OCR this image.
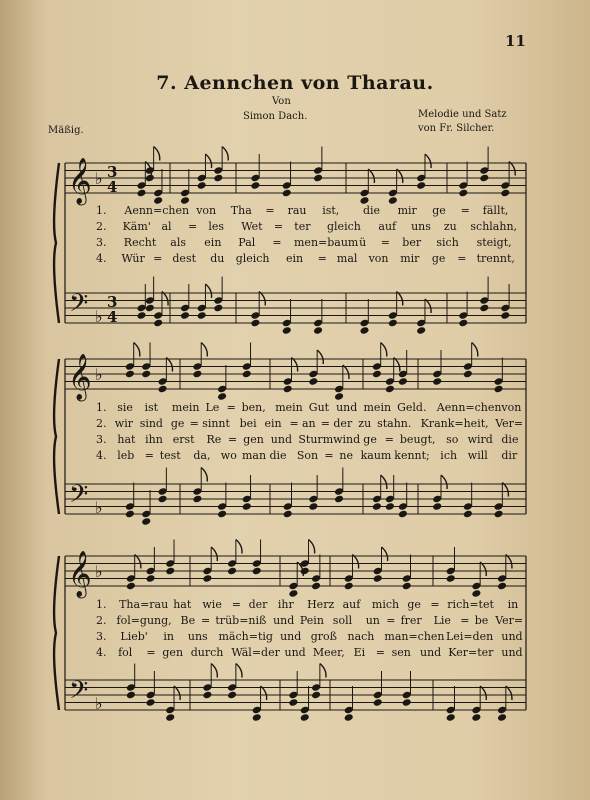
11
7. Aennchen von Tharau.
Von
Simon Dach.	Melodie und Satz
von Fr. Silcher.
Mäßig.
𝄞
𝄢
♭
♭
3
4
3
4
𝄞
𝄢
♭
♭
𝄞
𝄢
♭
♭
1. Aenn=chen von Tha = rau ist, die mir ge = fällt,
2. Käm' al = les Wet = ter gleich auf uns zu schlahn,
3. Recht als ein Pal = men=baum ü = ber sich steigt,
4. Wür = dest du gleich ein = mal von mir ge = trennt,
1. sie ist mein Le = ben, mein Gut und mein Geld. Aenn=chen von
2. wir sind ge = sinnt bei ein = an = der zu stahn. Krank=heit, Ver=
3. hat ihn erst Re = gen und Sturmwind ge = beugt, so wird die
4. leb = test da, wo man die Son = ne kaum kennt; ich will dir
1. Tha=rau hat wie = der ihr Herz auf mich ge = rich=tet in
2. fol=gung, Be = trüb=niß und Pein soll un = frer Lie = be Ver=
3. Lieb' in uns mäch=tig und groß nach man=chen Lei=den und
4. fol = gen durch Wäl=der und Meer, Ei = sen und Ker=ter und
